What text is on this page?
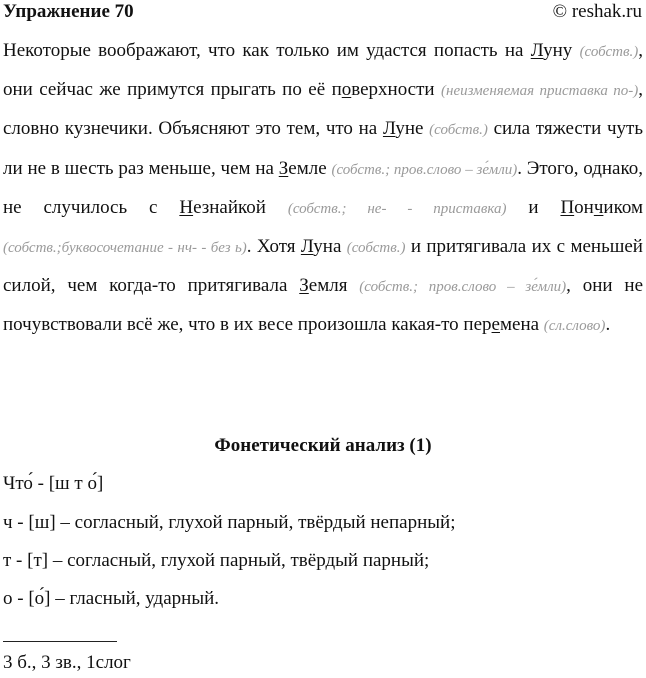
Упражнение 70	© reshak.ru
Некоторые воображают, что как только им удастся попасть на Луну (собств.), они сейчас же примутся прыгать по её поверхности (неизменяемая приставка по-), словно кузнечики. Объясняют это тем, что на Луне (собств.) сила тяжести чуть ли не в шесть раз меньше, чем на Земле (собств.; пров.слово – зе́мли). Этого, однако, не случилось с Незнайкой (собств.; не- - приставка) и Пончиком (собств.;буквосочетание - нч- - без ь). Хотя Луна (собств.) и притягивала их с меньшей силой, чем когда-то притягивала Земля (собств.; пров.слово – зе́мли), они не почувствовали всё же, что в их весе произошла какая-то перемена (сл.слово).
Фонетический анализ (1)
Что́ - [ш т о́]
ч - [ш] – согласный, глухой парный, твёрдый непарный;
т - [т] – согласный, глухой парный, твёрдый парный;
о - [о́] – гласный, ударный.
3 б., 3 зв., 1слог
